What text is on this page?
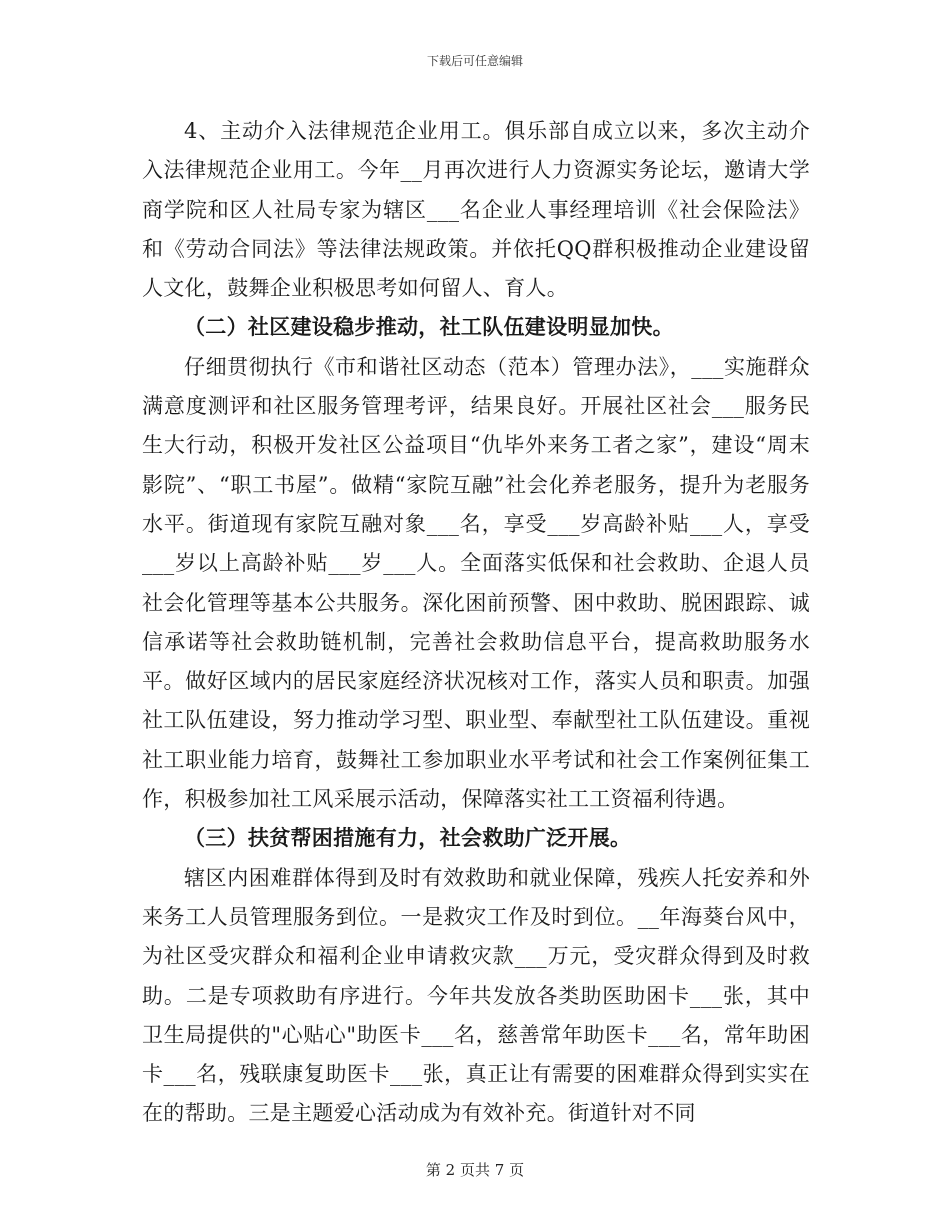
下载后可任意编辑

4、主动介入法律规范企业用工。俱乐部自成立以来，多次主动介入法律规范企业用工。今年__月再次进行人力资源实务论坛，邀请大学商学院和区人社局专家为辖区___名企业人事经理培训《社会保险法》和《劳动合同法》等法律法规政策。并依托QQ群积极推动企业建设留人文化，鼓舞企业积极思考如何留人、育人。

（二）社区建设稳步推动，社工队伍建设明显加快。

仔细贯彻执行《市和谐社区动态（范本）管理办法》，___实施群众满意度测评和社区服务管理考评，结果良好。开展社区社会___服务民生大行动，积极开发社区公益项目“仇毕外来务工者之家”，建设“周末影院”、“职工书屋”。做精“家院互融”社会化养老服务，提升为老服务水平。街道现有家院互融对象___名，享受___岁高龄补贴___人，享受___岁以上高龄补贴___岁___人。全面落实低保和社会救助、企退人员社会化管理等基本公共服务。深化困前预警、困中救助、脱困跟踪、诚信承诺等社会救助链机制，完善社会救助信息平台，提高救助服务水平。做好区域内的居民家庭经济状况核对工作，落实人员和职责。加强社工队伍建设，努力推动学习型、职业型、奉献型社工队伍建设。重视社工职业能力培育，鼓舞社工参加职业水平考试和社会工作案例征集工作，积极参加社工风采展示活动，保障落实社工工资福利待遇。

（三）扶贫帮困措施有力，社会救助广泛开展。

辖区内困难群体得到及时有效救助和就业保障，残疾人托安养和外来务工人员管理服务到位。一是救灾工作及时到位。__年海葵台风中，为社区受灾群众和福利企业申请救灾款___万元，受灾群众得到及时救助。二是专项救助有序进行。今年共发放各类助医助困卡___张，其中卫生局提供的"心贴心"助医卡___名，慈善常年助医卡___名，常年助困卡___名，残联康复助医卡___张，真正让有需要的困难群众得到实实在在的帮助。三是主题爱心活动成为有效补充。街道针对不同

第 2 页共 7 页
